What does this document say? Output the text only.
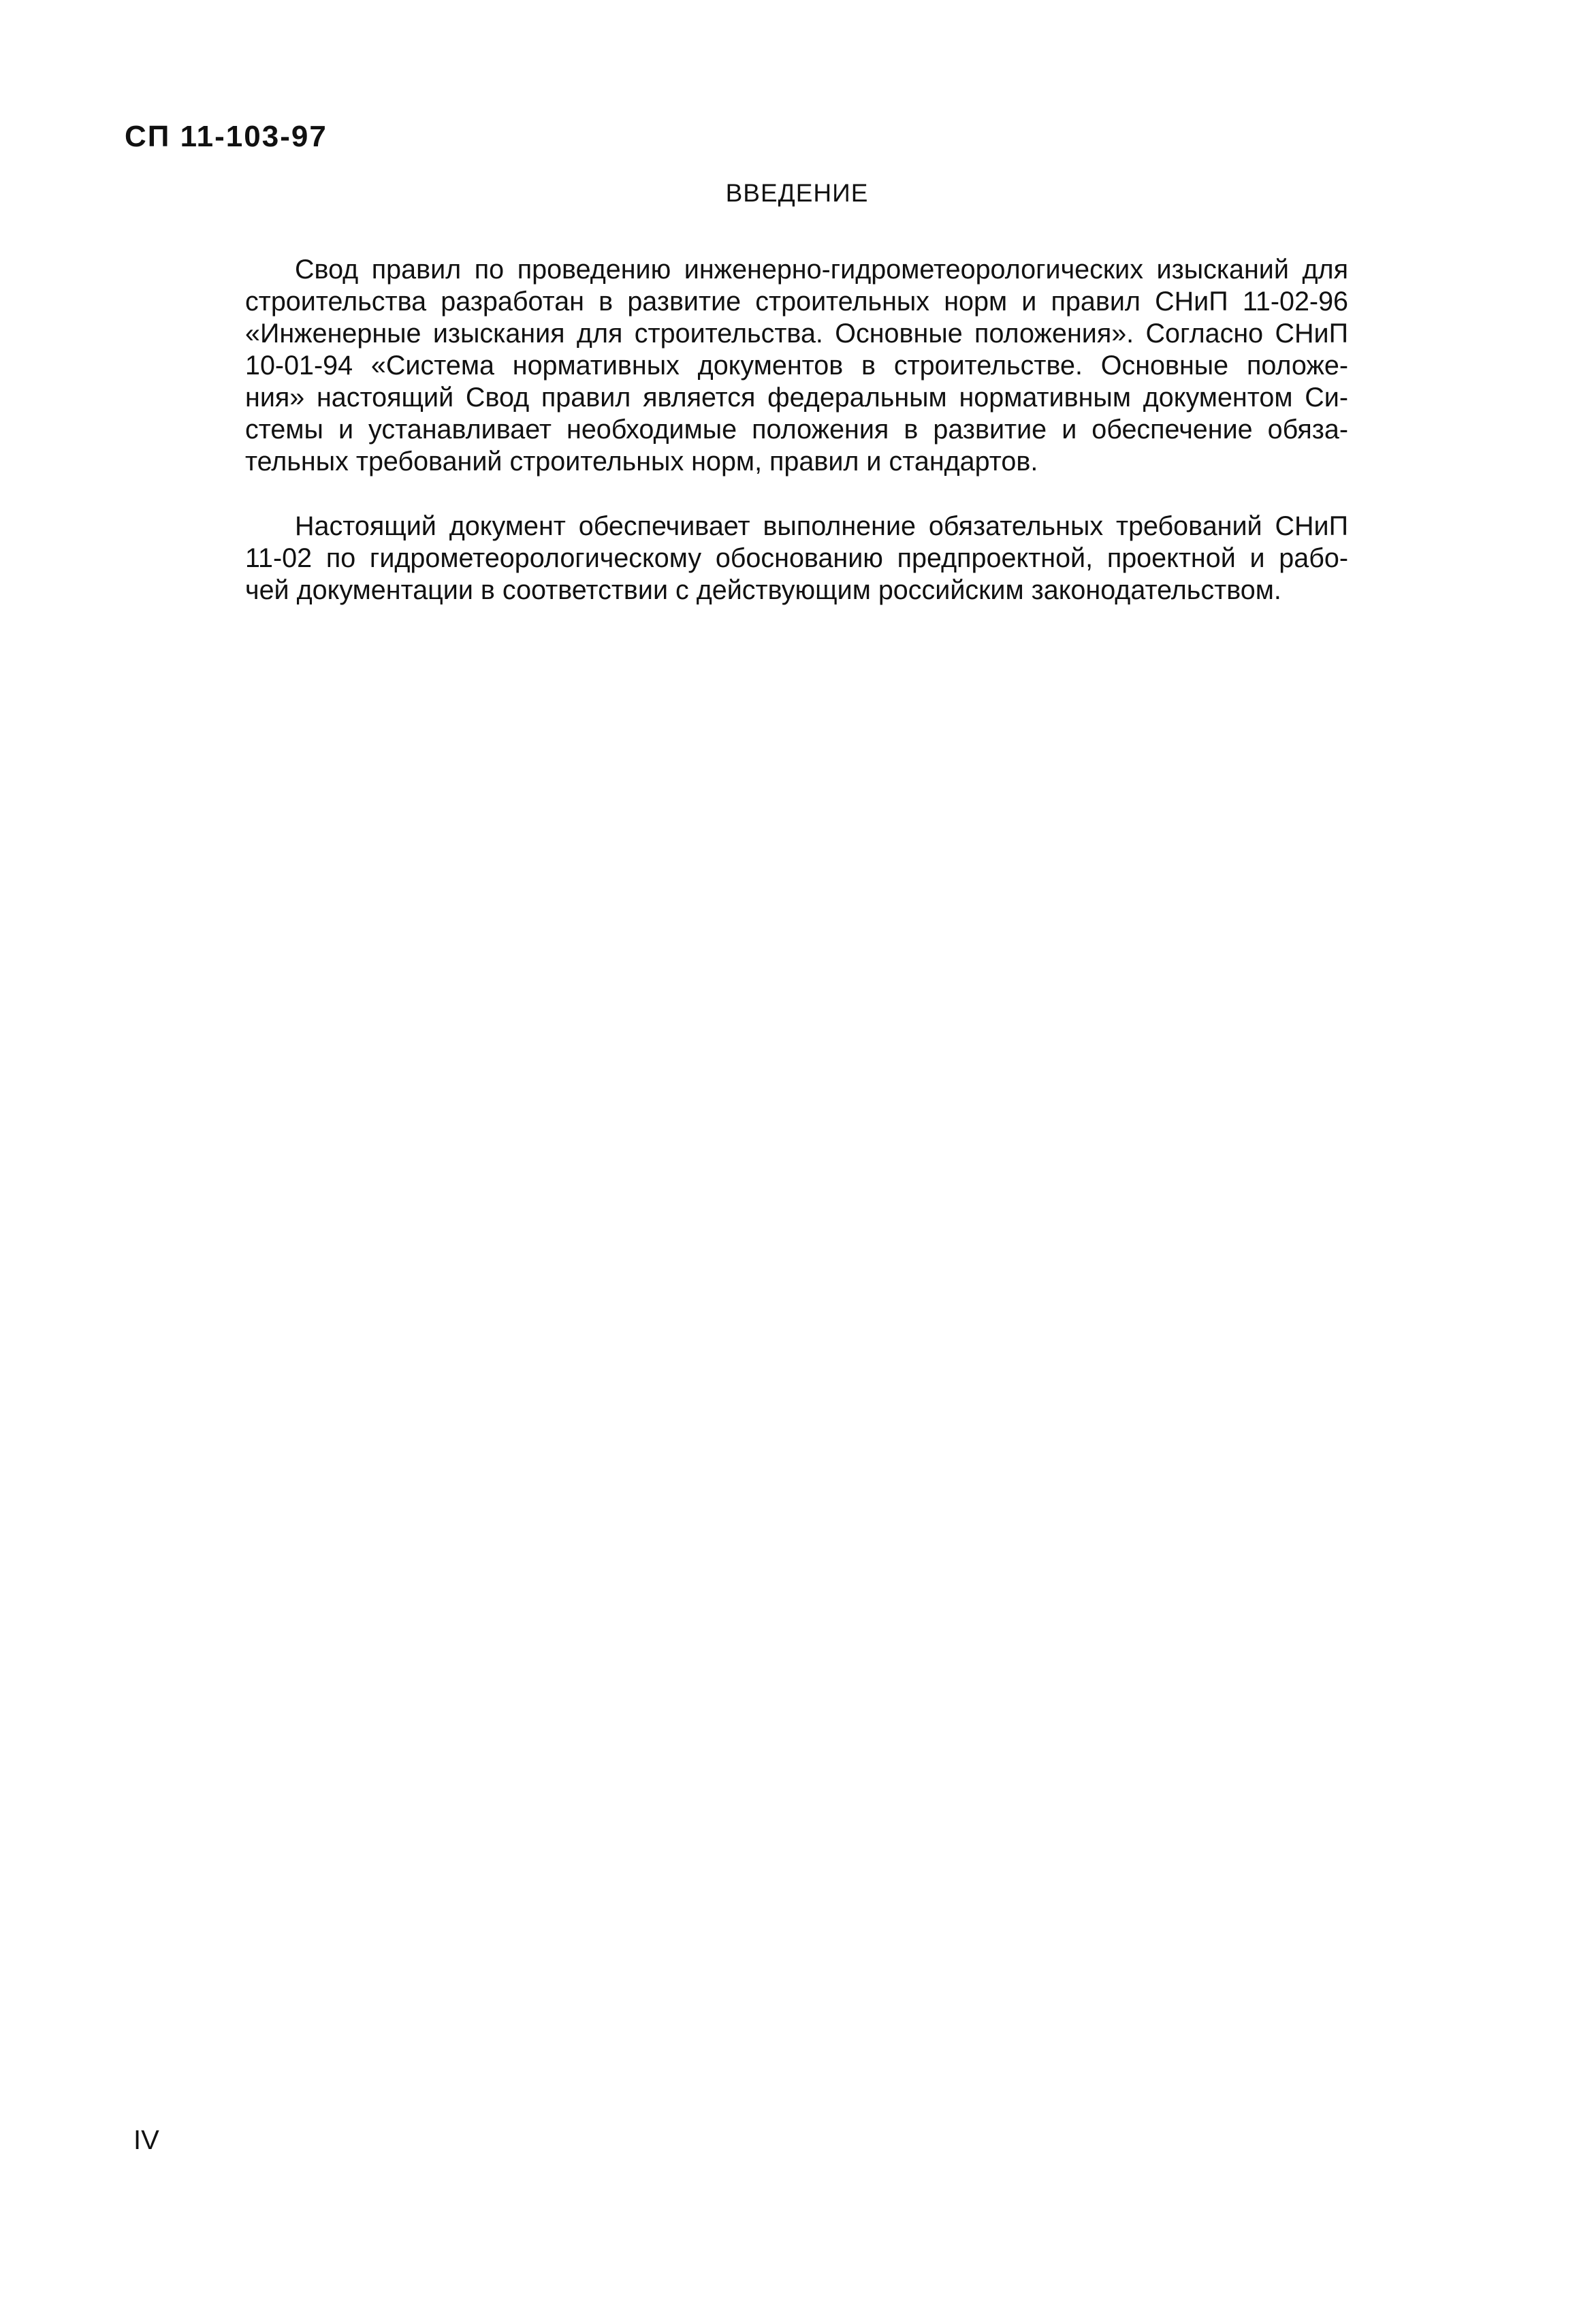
СП 11-103-97
ВВЕДЕНИЕ
Свод правил по проведению инженерно-гидрометеорологических изысканий для
строительства разработан в развитие строительных норм и правил СНиП 11-02-96
«Инженерные изыскания для строительства. Основные положения». Согласно СНиП
10-01-94 «Система нормативных документов в строительстве. Основные положе-
ния» настоящий Свод правил является федеральным нормативным документом Си-
стемы и устанавливает необходимые положения в развитие и обеспечение обяза-
тельных требований строительных норм, правил и стандартов.
Настоящий документ обеспечивает выполнение обязательных требований СНиП
11-02 по гидрометеорологическому обоснованию предпроектной, проектной и рабо-
чей документации в соответствии с действующим российским законодательством.
IV
